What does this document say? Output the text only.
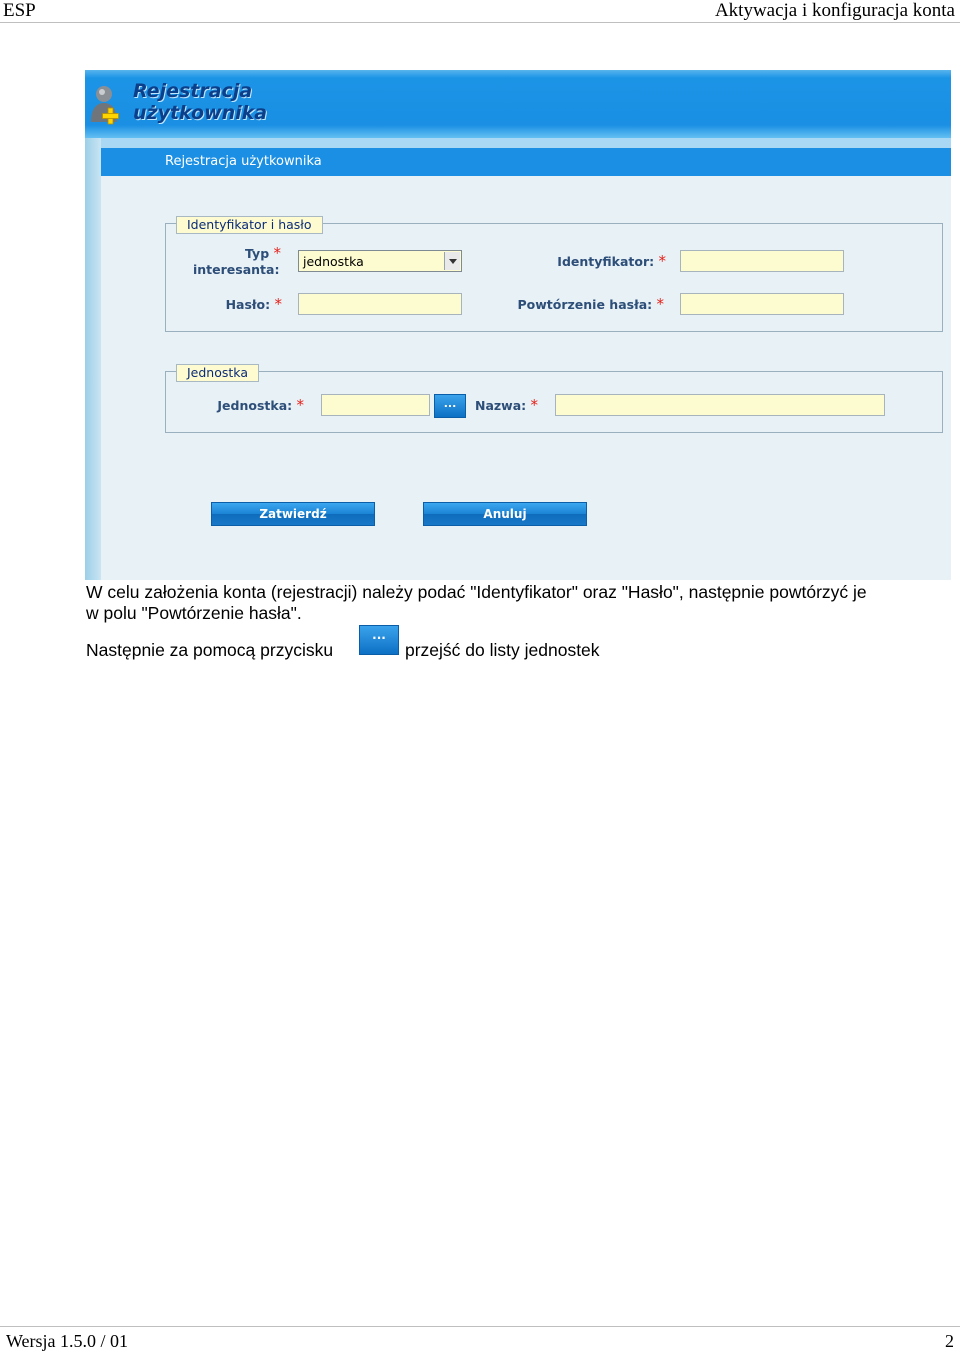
ESP	Aktywacja i konfiguracja konta
Rejestracja
użytkownika
Rejestracja użytkownika
Identyfikator i hasło
Typ *
interesanta:
jednostka	Identyfikator: *
Hasło: *	Powtórzenie hasła: *
Jednostka
Jednostka: *	...	Nazwa: *
Zatwierdź	Anuluj
W celu założenia konta (rejestracji) należy podać "Identyfikator" oraz "Hasło", następnie powtórzyć je
w polu "Powtórzenie hasła".
Następnie za pomocą przycisku
...
przejść do listy jednostek
Wersja 1.5.0 / 01	2
